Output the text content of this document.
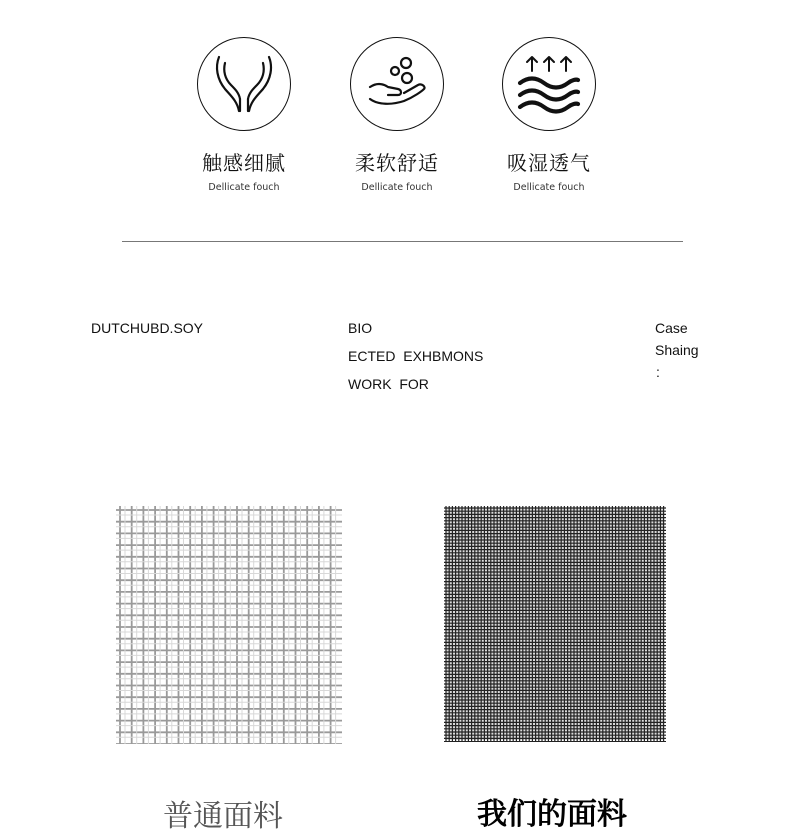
触感细腻
Dellicate fouch
柔软舒适
Dellicate fouch
吸湿透气
Dellicate fouch
DUTCHUBD.SOY	BIO
ECTED  EXHBMONS
WORK  FOR
Case
Shaing
:
普通面料	我们的面料
